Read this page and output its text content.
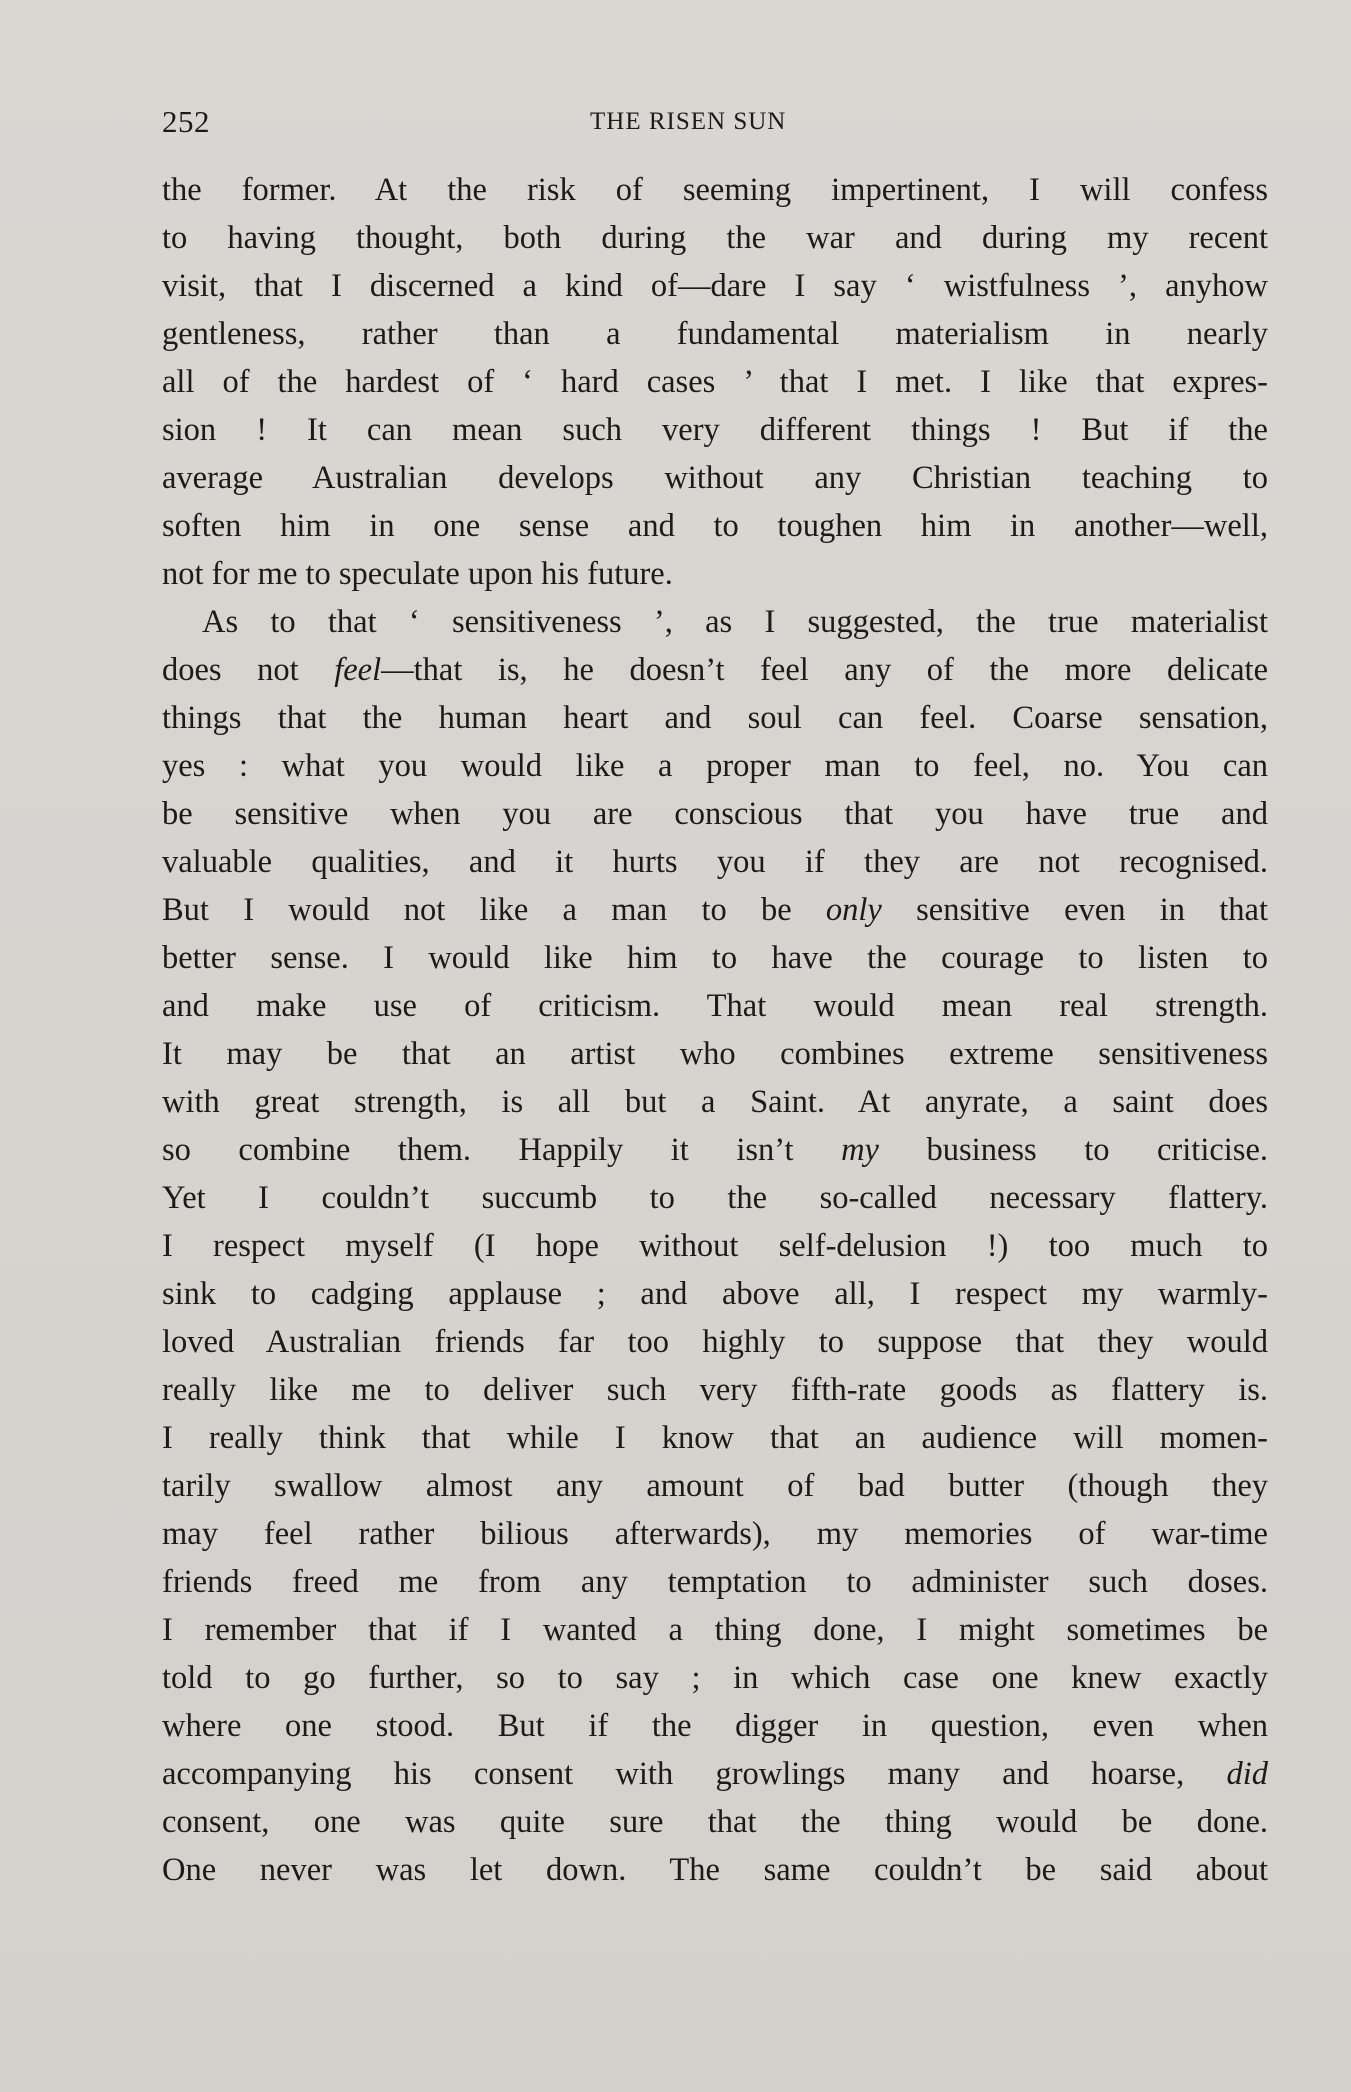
252	THE RISEN SUN
the former. At the risk of seeming impertinent, I will confess
to having thought, both during the war and during my recent
visit, that I discerned a kind of—dare I say ‘ wistfulness ’, anyhow
gentleness, rather than a fundamental materialism in nearly
all of the hardest of ‘ hard cases ’ that I met. I like that expres-
sion ! It can mean such very different things ! But if the
average Australian develops without any Christian teaching to
soften him in one sense and to toughen him in another—well,
not for me to speculate upon his future.
As to that ‘ sensitiveness ’, as I suggested, the true materialist
does not feel—that is, he doesn’t feel any of the more delicate
things that the human heart and soul can feel. Coarse sensation,
yes : what you would like a proper man to feel, no. You can
be sensitive when you are conscious that you have true and
valuable qualities, and it hurts you if they are not recognised.
But I would not like a man to be only sensitive even in that
better sense. I would like him to have the courage to listen to
and make use of criticism. That would mean real strength.
It may be that an artist who combines extreme sensitiveness
with great strength, is all but a Saint. At anyrate, a saint does
so combine them. Happily it isn’t my business to criticise.
Yet I couldn’t succumb to the so-called necessary flattery.
I respect myself (I hope without self-delusion !) too much to
sink to cadging applause ; and above all, I respect my warmly-
loved Australian friends far too highly to suppose that they would
really like me to deliver such very fifth-rate goods as flattery is.
I really think that while I know that an audience will momen-
tarily swallow almost any amount of bad butter (though they
may feel rather bilious afterwards), my memories of war-time
friends freed me from any temptation to administer such doses.
I remember that if I wanted a thing done, I might sometimes be
told to go further, so to say ; in which case one knew exactly
where one stood. But if the digger in question, even when
accompanying his consent with growlings many and hoarse, did
consent, one was quite sure that the thing would be done.
One never was let down. The same couldn’t be said about
